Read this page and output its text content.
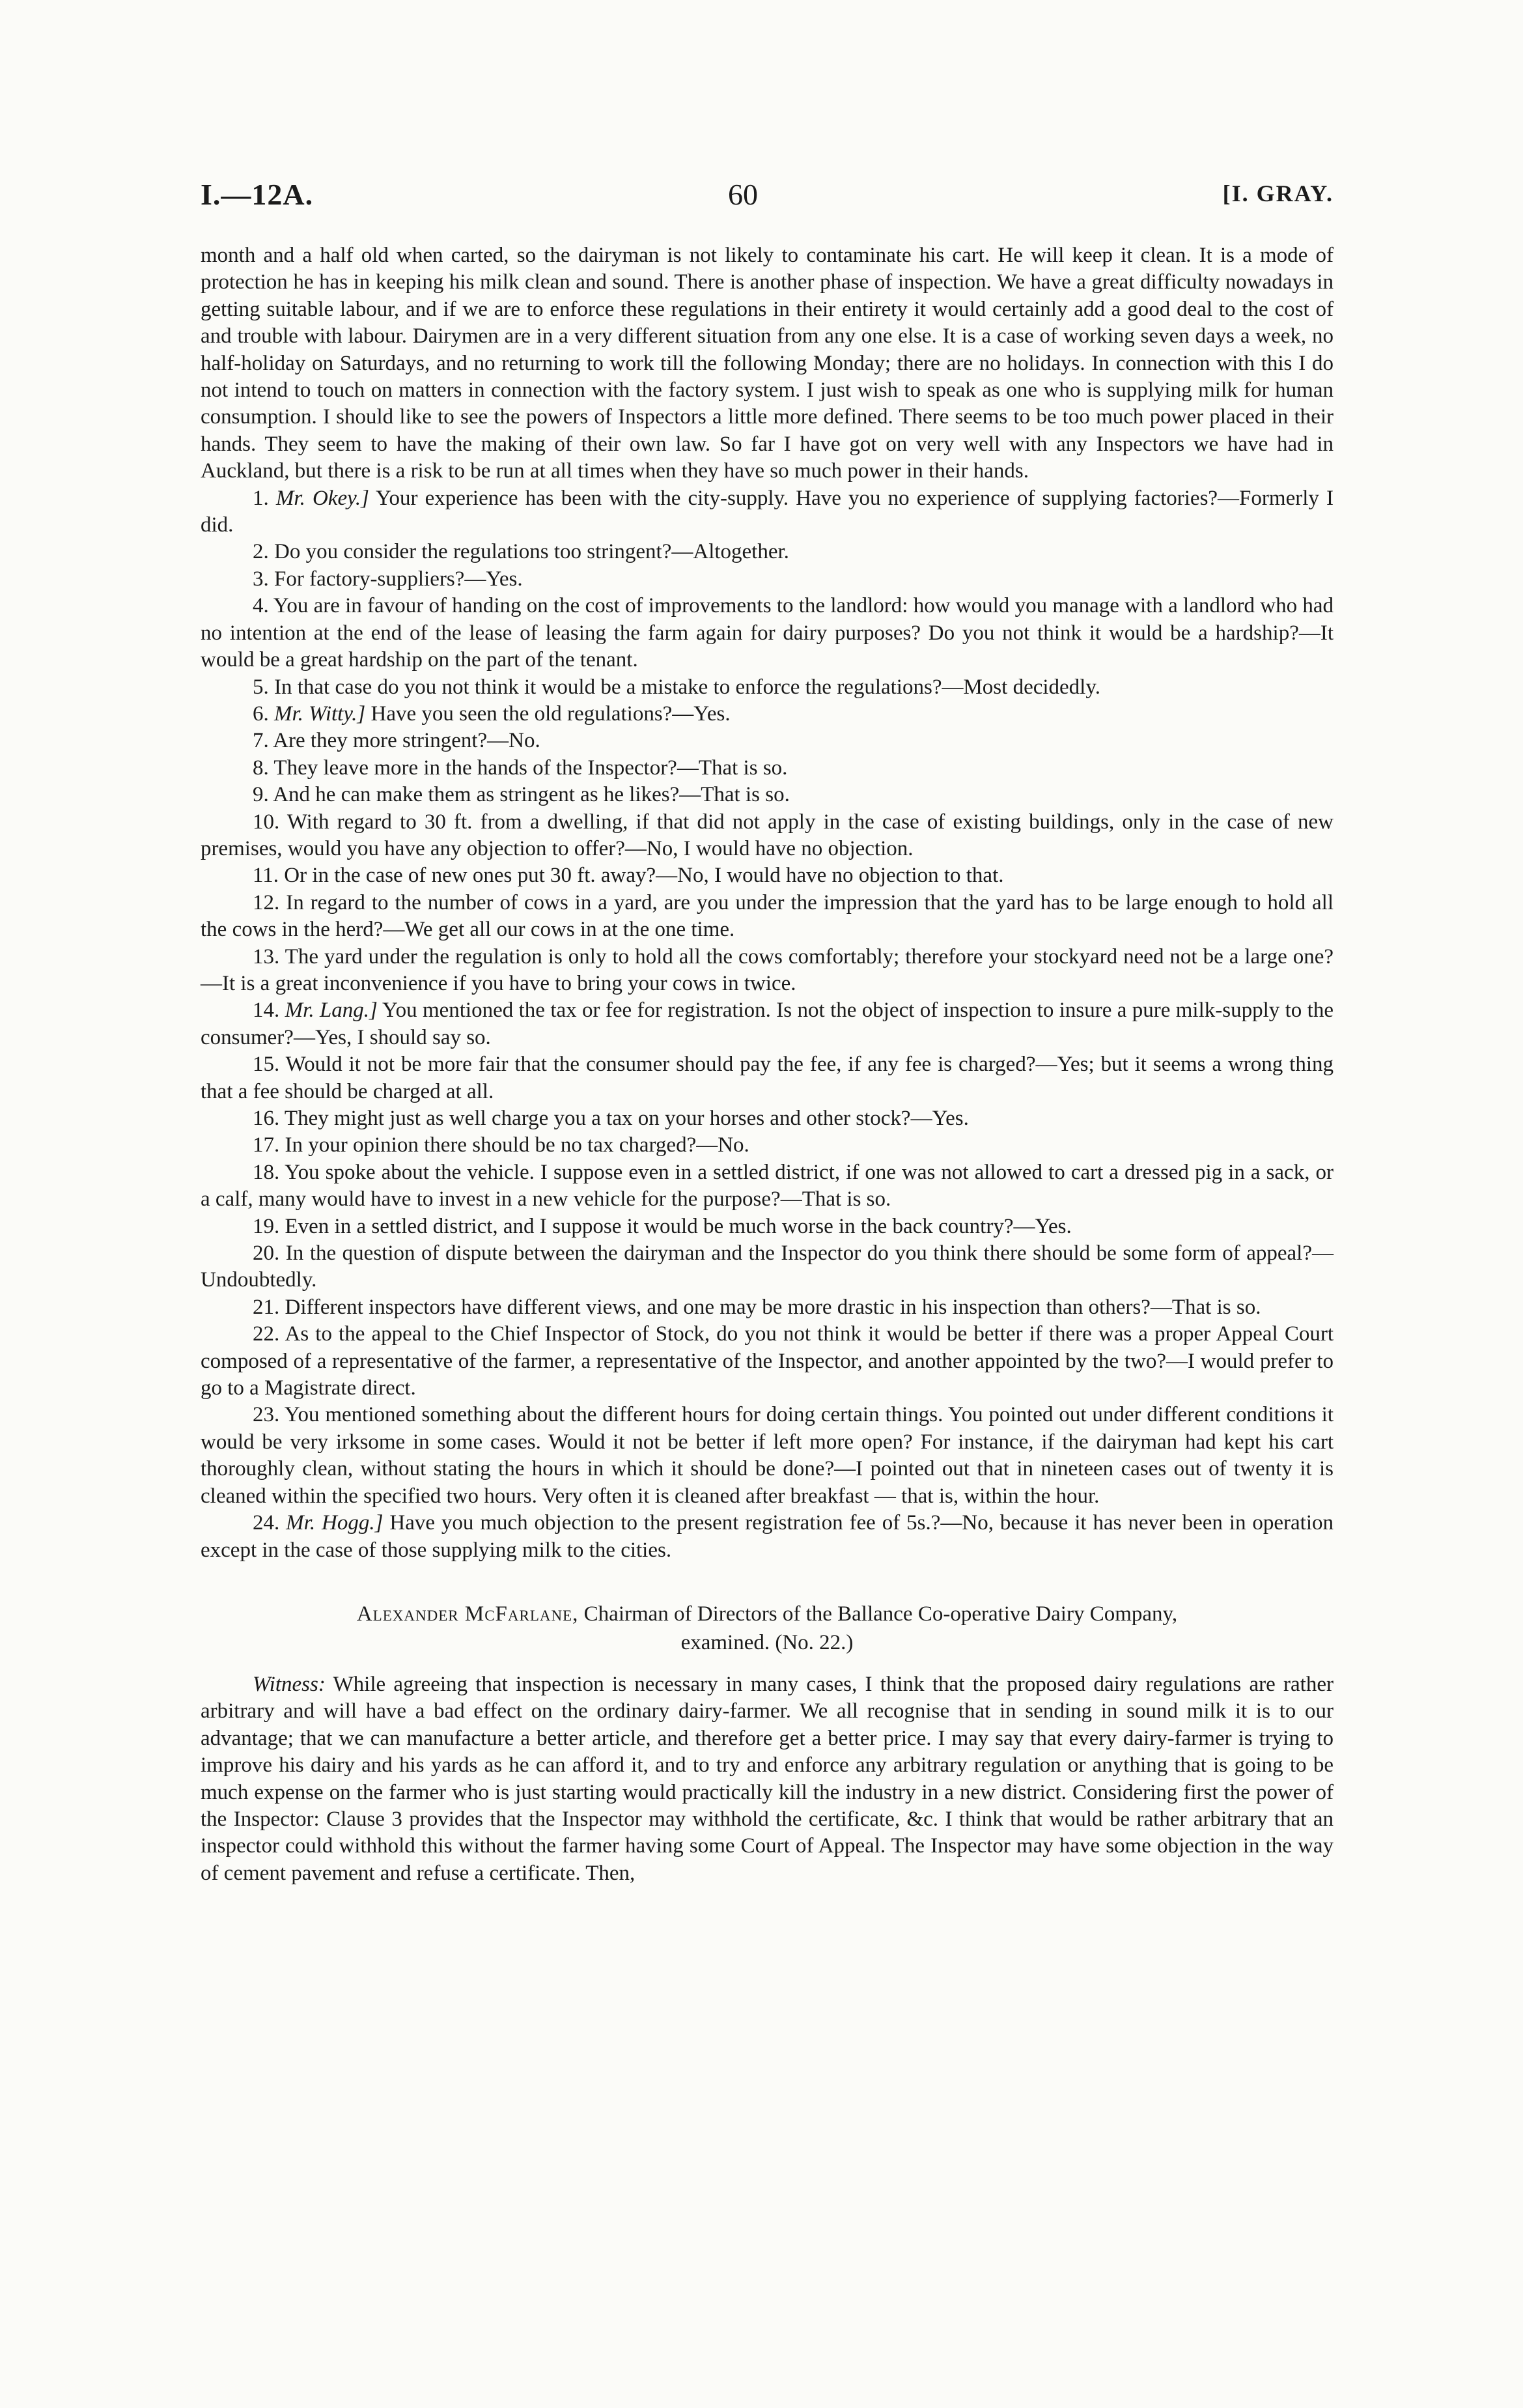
I.—12A.	60	[I. GRAY.

month and a half old when carted, so the dairyman is not likely to contaminate his cart. He will keep it clean. It is a mode of protection he has in keeping his milk clean and sound. There is another phase of inspection. We have a great difficulty nowadays in getting suitable labour, and if we are to enforce these regulations in their entirety it would certainly add a good deal to the cost of and trouble with labour. Dairymen are in a very different situation from any one else. It is a case of working seven days a week, no half-holiday on Saturdays, and no returning to work till the following Monday; there are no holidays. In connection with this I do not intend to touch on matters in connection with the factory system. I just wish to speak as one who is supplying milk for human consumption. I should like to see the powers of Inspectors a little more defined. There seems to be too much power placed in their hands. They seem to have the making of their own law. So far I have got on very well with any Inspectors we have had in Auckland, but there is a risk to be run at all times when they have so much power in their hands.

1. Mr. Okey.] Your experience has been with the city-supply. Have you no experience of supplying factories?—Formerly I did.

2. Do you consider the regulations too stringent?—Altogether.

3. For factory-suppliers?—Yes.

4. You are in favour of handing on the cost of improvements to the landlord: how would you manage with a landlord who had no intention at the end of the lease of leasing the farm again for dairy purposes? Do you not think it would be a hardship?—It would be a great hardship on the part of the tenant.

5. In that case do you not think it would be a mistake to enforce the regulations?—Most decidedly.

6. Mr. Witty.] Have you seen the old regulations?—Yes.

7. Are they more stringent?—No.

8. They leave more in the hands of the Inspector?—That is so.

9. And he can make them as stringent as he likes?—That is so.

10. With regard to 30 ft. from a dwelling, if that did not apply in the case of existing buildings, only in the case of new premises, would you have any objection to offer?—No, I would have no objection.

11. Or in the case of new ones put 30 ft. away?—No, I would have no objection to that.

12. In regard to the number of cows in a yard, are you under the impression that the yard has to be large enough to hold all the cows in the herd?—We get all our cows in at the one time.

13. The yard under the regulation is only to hold all the cows comfortably; therefore your stockyard need not be a large one?—It is a great inconvenience if you have to bring your cows in twice.

14. Mr. Lang.] You mentioned the tax or fee for registration. Is not the object of inspection to insure a pure milk-supply to the consumer?—Yes, I should say so.

15. Would it not be more fair that the consumer should pay the fee, if any fee is charged?—Yes; but it seems a wrong thing that a fee should be charged at all.

16. They might just as well charge you a tax on your horses and other stock?—Yes.

17. In your opinion there should be no tax charged?—No.

18. You spoke about the vehicle. I suppose even in a settled district, if one was not allowed to cart a dressed pig in a sack, or a calf, many would have to invest in a new vehicle for the purpose?—That is so.

19. Even in a settled district, and I suppose it would be much worse in the back country?—Yes.

20. In the question of dispute between the dairyman and the Inspector do you think there should be some form of appeal?—Undoubtedly.

21. Different inspectors have different views, and one may be more drastic in his inspection than others?—That is so.

22. As to the appeal to the Chief Inspector of Stock, do you not think it would be better if there was a proper Appeal Court composed of a representative of the farmer, a representative of the Inspector, and another appointed by the two?—I would prefer to go to a Magistrate direct.

23. You mentioned something about the different hours for doing certain things. You pointed out under different conditions it would be very irksome in some cases. Would it not be better if left more open? For instance, if the dairyman had kept his cart thoroughly clean, without stating the hours in which it should be done?—I pointed out that in nineteen cases out of twenty it is cleaned within the specified two hours. Very often it is cleaned after breakfast — that is, within the hour.

24. Mr. Hogg.] Have you much objection to the present registration fee of 5s.?—No, because it has never been in operation except in the case of those supplying milk to the cities.

Alexander McFarlane, Chairman of Directors of the Ballance Co-operative Dairy Company,
examined. (No. 22.)

Witness: While agreeing that inspection is necessary in many cases, I think that the proposed dairy regulations are rather arbitrary and will have a bad effect on the ordinary dairy-farmer. We all recognise that in sending in sound milk it is to our advantage; that we can manufacture a better article, and therefore get a better price. I may say that every dairy-farmer is trying to improve his dairy and his yards as he can afford it, and to try and enforce any arbitrary regulation or anything that is going to be much expense on the farmer who is just starting would practically kill the industry in a new district. Considering first the power of the Inspector: Clause 3 provides that the Inspector may withhold the certificate, &c. I think that would be rather arbitrary that an inspector could withhold this without the farmer having some Court of Appeal. The Inspector may have some objection in the way of cement pavement and refuse a certificate. Then,
